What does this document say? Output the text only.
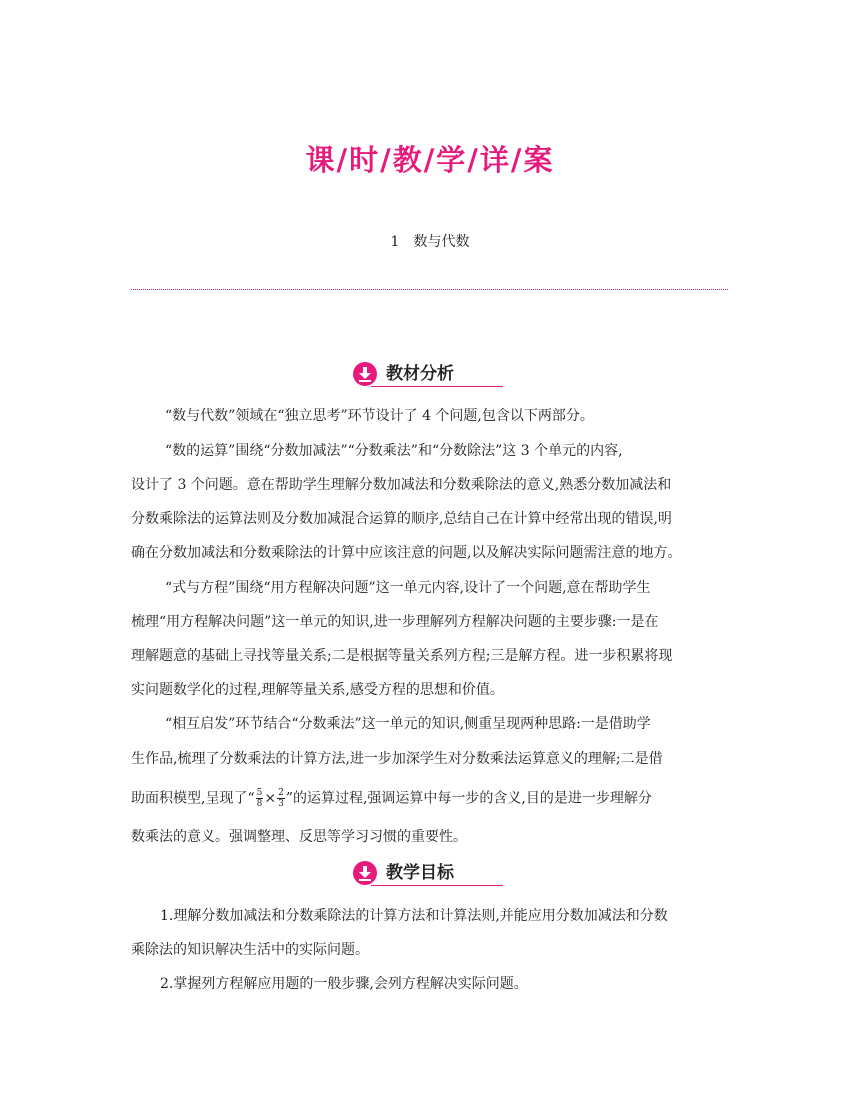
课/时/教/学/详/案
1　数与代数
教材分析
“数与代数”领域在“独立思考”环节设计了 4 个问题,包含以下两部分。
“数的运算”围绕“分数加减法”“分数乘法”和“分数除法”这 3 个单元的内容,
设计了 3 个问题。意在帮助学生理解分数加减法和分数乘除法的意义,熟悉分数加减法和
分数乘除法的运算法则及分数加减混合运算的顺序,总结自己在计算中经常出现的错误,明
确在分数加减法和分数乘除法的计算中应该注意的问题,以及解决实际问题需注意的地方。
“式与方程”围绕“用方程解决问题”这一单元内容,设计了一个问题,意在帮助学生
梳理“用方程解决问题”这一单元的知识,进一步理解列方程解决问题的主要步骤:一是在
理解题意的基础上寻找等量关系;二是根据等量关系列方程;三是解方程。进一步积累将现
实问题数学化的过程,理解等量关系,感受方程的思想和价值。
“相互启发”环节结合“分数乘法”这一单元的知识,侧重呈现两种思路:一是借助学
生作品,梳理了分数乘法的计算方法,进一步加深学生对分数乘法运算意义的理解;二是借
助面积模型,呈现了“ $\frac{5}{8} \times \frac{2}{3}$ ”的运算过程,强调运算中每一步的含义,目的是进一步理解分
数乘法的意义。强调整理、反思等学习习惯的重要性。
教学目标
1.理解分数加减法和分数乘除法的计算方法和计算法则,并能应用分数加减法和分数
乘除法的知识解决生活中的实际问题。
2.掌握列方程解应用题的一般步骤,会列方程解决实际问题。
